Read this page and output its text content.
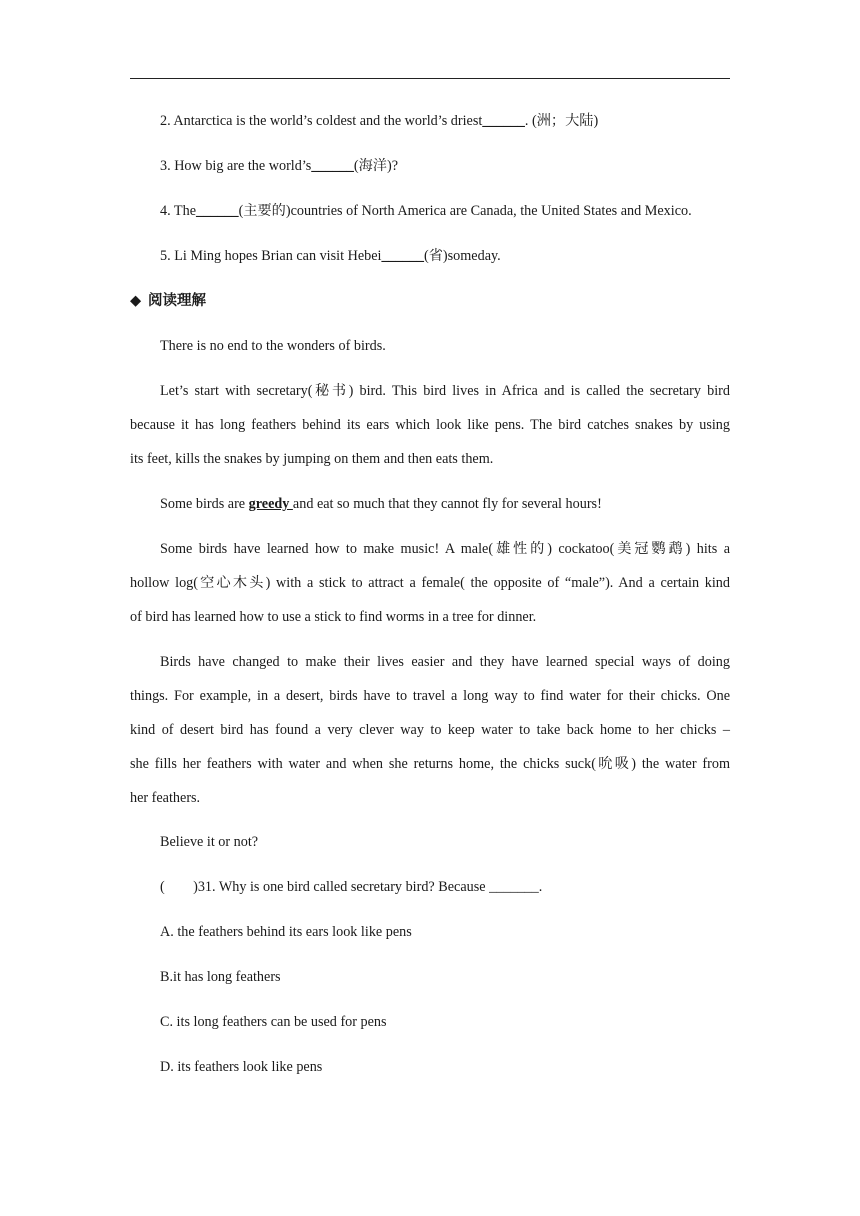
2. Antarctica is the world’s coldest and the world’s driest______. (洲；大陆)
3. How big are the world’s______(海洋)?
4. The______(主要的)countries of North America are Canada, the United States and Mexico.
5. Li Ming hopes Brian can visit Hebei______(省)someday.
◆ 阅读理解
There is no end to the wonders of birds.
Let’s start with secretary(秘书) bird. This bird lives in Africa and is called the secretary bird
because it has long feathers behind its ears which look like pens. The bird catches snakes by using
its feet, kills the snakes by jumping on them and then eats them.
Some birds are greedy and eat so much that they cannot fly for several hours!
Some birds have learned how to make music! A male(雄性的) cockatoo(美冠鹦鹉) hits a
hollow log(空心木头) with a stick to attract a female( the opposite of “male”). And a certain kind
of bird has learned how to use a stick to find worms in a tree for dinner.
Birds have changed to make their lives easier and they have learned special ways of doing
things. For example, in a desert, birds have to travel a long way to find water for their chicks. One
kind of desert bird has found a very clever way to keep water to take back home to her chicks –
she fills her feathers with water and when she returns home, the chicks suck(吮吸) the water from
her feathers.
Believe it or not?
(        )31. Why is one bird called secretary bird? Because _______.
A. the feathers behind its ears look like pens
B.it has long feathers
C. its long feathers can be used for pens
D. its feathers look like pens
